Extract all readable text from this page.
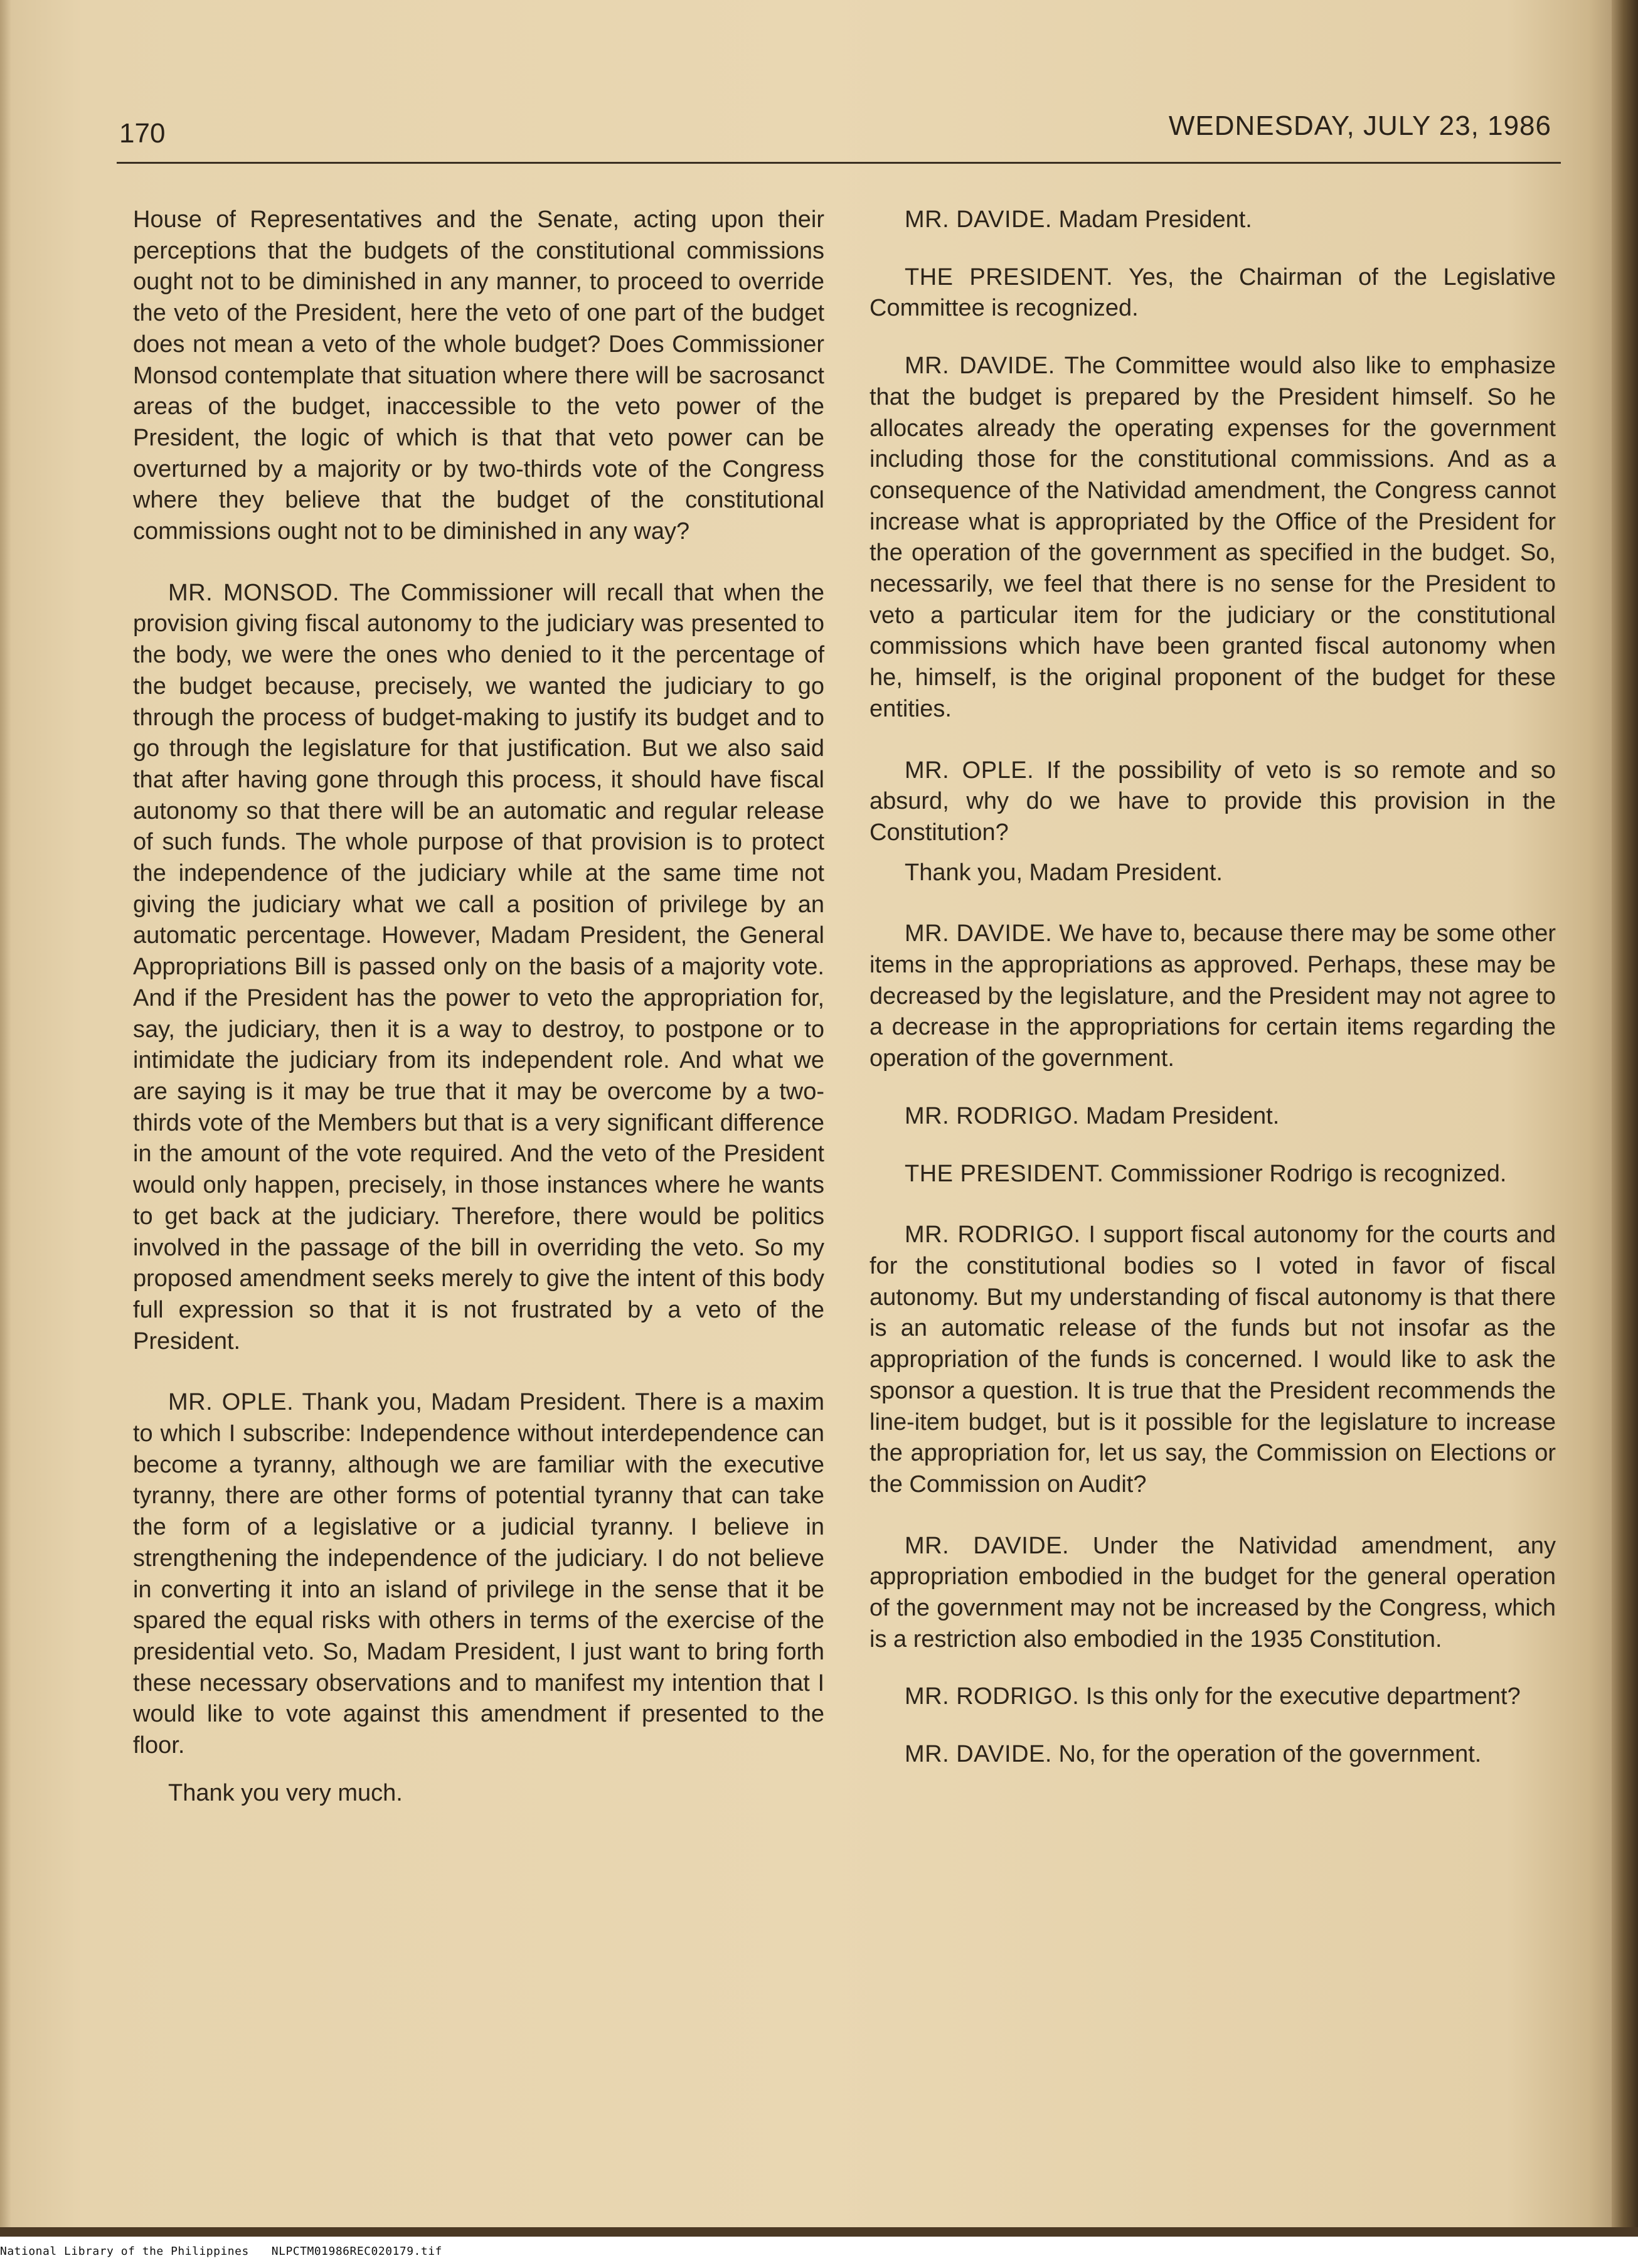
170	WEDNESDAY, JULY 23, 1986

House of Representatives and the Senate, acting upon their perceptions that the budgets of the constitutional commissions ought not to be diminished in any manner, to proceed to override the veto of the President, here the veto of one part of the budget does not mean a veto of the whole budget? Does Commissioner Monsod contemplate that situation where there will be sacrosanct areas of the budget, inaccessible to the veto power of the President, the logic of which is that that veto power can be overturned by a majority or by two-thirds vote of the Congress where they believe that the budget of the constitutional commissions ought not to be diminished in any way?

MR. MONSOD. The Commissioner will recall that when the provision giving fiscal autonomy to the judiciary was presented to the body, we were the ones who denied to it the percentage of the budget because, precisely, we wanted the judiciary to go through the process of budget-making to justify its budget and to go through the legislature for that justification. But we also said that after having gone through this process, it should have fiscal autonomy so that there will be an automatic and regular release of such funds. The whole purpose of that provision is to protect the independence of the judiciary while at the same time not giving the judiciary what we call a position of privilege by an automatic percentage. However, Madam President, the General Appropriations Bill is passed only on the basis of a majority vote. And if the President has the power to veto the appropriation for, say, the judiciary, then it is a way to destroy, to postpone or to intimidate the judiciary from its independent role. And what we are saying is it may be true that it may be overcome by a two-thirds vote of the Members but that is a very significant difference in the amount of the vote required. And the veto of the President would only happen, precisely, in those instances where he wants to get back at the judiciary. Therefore, there would be politics involved in the passage of the bill in overriding the veto. So my proposed amendment seeks merely to give the intent of this body full expression so that it is not frustrated by a veto of the President.

MR. OPLE. Thank you, Madam President. There is a maxim to which I subscribe: Independence without interdependence can become a tyranny, although we are familiar with the executive tyranny, there are other forms of potential tyranny that can take the form of a legislative or a judicial tyranny. I believe in strengthening the independence of the judiciary. I do not believe in converting it into an island of privilege in the sense that it be spared the equal risks with others in terms of the exercise of the presidential veto. So, Madam President, I just want to bring forth these necessary observations and to manifest my intention that I would like to vote against this amendment if presented to the floor.

Thank you very much.

MR. DAVIDE. Madam President.

THE PRESIDENT. Yes, the Chairman of the Legislative Committee is recognized.

MR. DAVIDE. The Committee would also like to emphasize that the budget is prepared by the President himself. So he allocates already the operating expenses for the government including those for the constitutional commissions. And as a consequence of the Natividad amendment, the Congress cannot increase what is appropriated by the Office of the President for the operation of the government as specified in the budget. So, necessarily, we feel that there is no sense for the President to veto a particular item for the judiciary or the constitutional commissions which have been granted fiscal autonomy when he, himself, is the original proponent of the budget for these entities.

MR. OPLE. If the possibility of veto is so remote and so absurd, why do we have to provide this provision in the Constitution?

Thank you, Madam President.

MR. DAVIDE. We have to, because there may be some other items in the appropriations as approved. Perhaps, these may be decreased by the legislature, and the President may not agree to a decrease in the appropriations for certain items regarding the operation of the government.

MR. RODRIGO. Madam President.

THE PRESIDENT. Commissioner Rodrigo is recognized.

MR. RODRIGO. I support fiscal autonomy for the courts and for the constitutional bodies so I voted in favor of fiscal autonomy. But my understanding of fiscal autonomy is that there is an automatic release of the funds but not insofar as the appropriation of the funds is concerned. I would like to ask the sponsor a question. It is true that the President recommends the line-item budget, but is it possible for the legislature to increase the appropriation for, let us say, the Commission on Elections or the Commission on Audit?

MR. DAVIDE. Under the Natividad amendment, any appropriation embodied in the budget for the general operation of the government may not be increased by the Congress, which is a restriction also embodied in the 1935 Constitution.

MR. RODRIGO. Is this only for the executive department?

MR. DAVIDE. No, for the operation of the government.

National Library of the Philippines NLPCTM01986REC020179.tif
